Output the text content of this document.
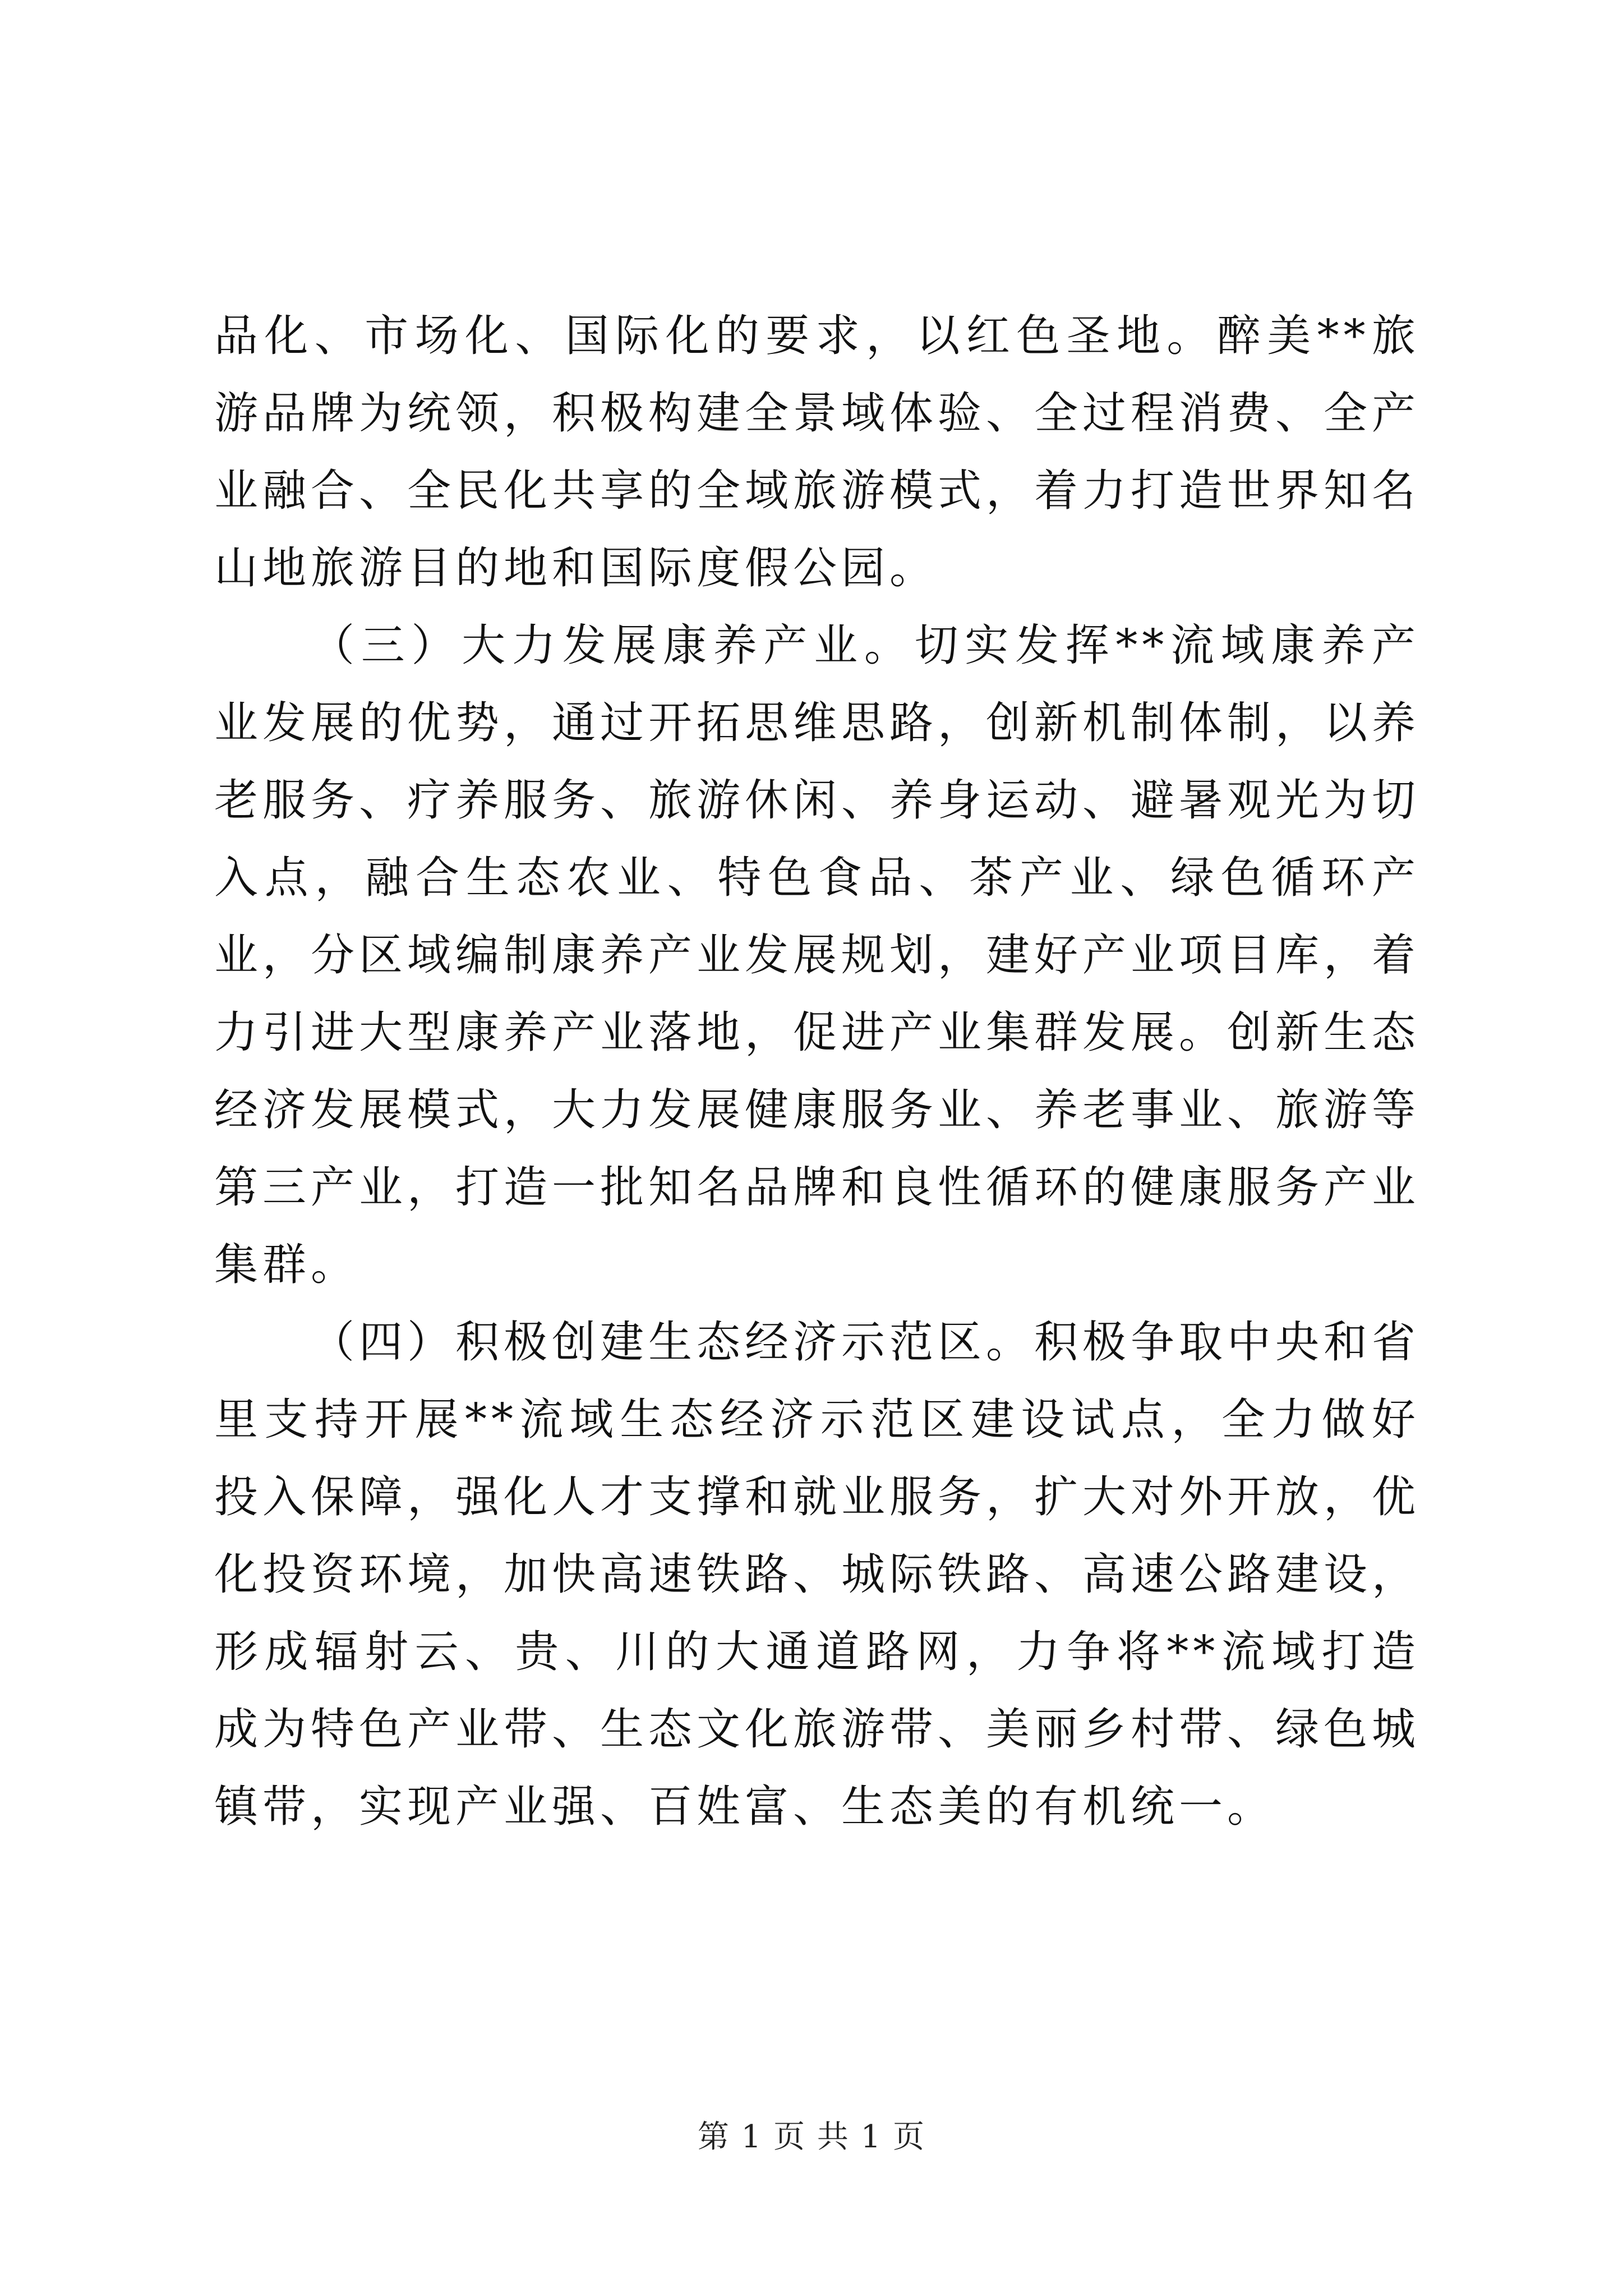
品化、市场化、国际化的要求，以红色圣地。醉美**旅游品牌为统领，积极构建全景域体验、全过程消费、全产业融合、全民化共享的全域旅游模式，着力打造世界知名山地旅游目的地和国际度假公园。

（三）大力发展康养产业。切实发挥**流域康养产业发展的优势，通过开拓思维思路，创新机制体制，以养老服务、疗养服务、旅游休闲、养身运动、避暑观光为切入点，融合生态农业、特色食品、茶产业、绿色循环产业，分区域编制康养产业发展规划，建好产业项目库，着力引进大型康养产业落地，促进产业集群发展。创新生态经济发展模式，大力发展健康服务业、养老事业、旅游等第三产业，打造一批知名品牌和良性循环的健康服务产业集群。

（四）积极创建生态经济示范区。积极争取中央和省里支持开展**流域生态经济示范区建设试点，全力做好投入保障，强化人才支撑和就业服务，扩大对外开放，优化投资环境，加快高速铁路、城际铁路、高速公路建设，形成辐射云、贵、川的大通道路网，力争将**流域打造成为特色产业带、生态文化旅游带、美丽乡村带、绿色城镇带，实现产业强、百姓富、生态美的有机统一。

第 1 页 共 1 页
